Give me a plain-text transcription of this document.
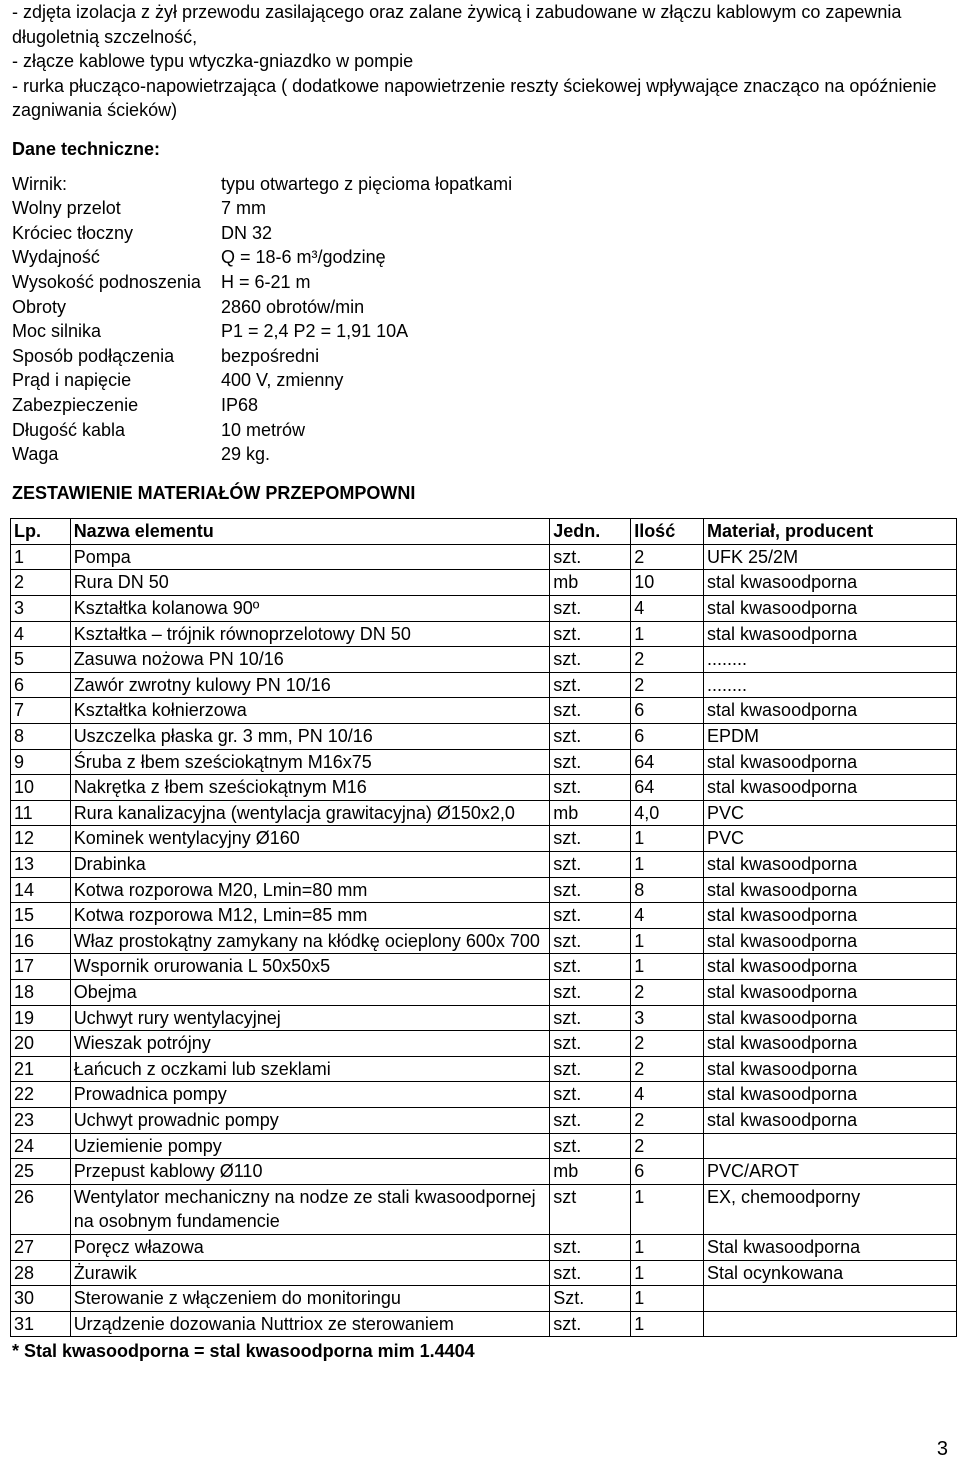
- zdjęta izolacja z żył przewodu zasilającego oraz zalane żywicą i zabudowane w złączu kablowym co zapewnia długoletnią szczelność,

- złącze kablowe typu wtyczka-gniazdko w pompie

- rurka płucząco-napowietrzająca ( dodatkowe napowietrzenie reszty ściekowej wpływające znacząco na opóźnienie zagniwania ścieków)

Dane techniczne:
Wirnik:	typu otwartego z pięcioma łopatkami
Wolny przelot	7 mm
Króciec tłoczny	DN 32
Wydajność	Q = 18-6 m³/godzinę
Wysokość podnoszenia	H = 6-21 m
Obroty	2860 obrotów/min
Moc silnika	P1 = 2,4 P2 = 1,91 10A
Sposób podłączenia	bezpośredni
Prąd i napięcie	400 V, zmienny
Zabezpieczenie	IP68
Długość kabla	10 metrów
Waga	29 kg.
ZESTAWIENIE MATERIAŁÓW PRZEPOMPOWNI
Lp.	Nazwa elementu	Jedn.	Ilość	Materiał, producent
1	Pompa	szt.	2	UFK 25/2M
2	Rura DN 50	mb	10	stal kwasoodporna
3	Kształtka kolanowa 90º	szt.	4	stal kwasoodporna
4	Kształtka – trójnik równoprzelotowy DN 50	szt.	1	stal kwasoodporna
5	Zasuwa nożowa PN 10/16	szt.	2	........
6	Zawór zwrotny kulowy PN 10/16	szt.	2	........
7	Kształtka kołnierzowa	szt.	6	stal kwasoodporna
8	Uszczelka płaska gr. 3 mm, PN 10/16	szt.	6	EPDM
9	Śruba z łbem sześciokątnym M16x75	szt.	64	stal kwasoodporna
10	Nakrętka z łbem sześciokątnym M16	szt.	64	stal kwasoodporna
11	Rura kanalizacyjna (wentylacja grawitacyjna) Ø150x2,0	mb	4,0	PVC
12	Kominek wentylacyjny Ø160	szt.	1	PVC
13	Drabinka	szt.	1	stal kwasoodporna
14	Kotwa rozporowa M20, Lmin=80 mm	szt.	8	stal kwasoodporna
15	Kotwa rozporowa M12, Lmin=85 mm	szt.	4	stal kwasoodporna
16	Właz prostokątny zamykany na kłódkę ocieplony 600x 700	szt.	1	stal kwasoodporna
17	Wspornik orurowania L 50x50x5	szt.	1	stal kwasoodporna
18	Obejma	szt.	2	stal kwasoodporna
19	Uchwyt rury wentylacyjnej	szt.	3	stal kwasoodporna
20	Wieszak potrójny	szt.	2	stal kwasoodporna
21	Łańcuch z oczkami lub szeklami	szt.	2	stal kwasoodporna
22	Prowadnica pompy	szt.	4	stal kwasoodporna
23	Uchwyt prowadnic pompy	szt.	2	stal kwasoodporna
24	Uziemienie pompy	szt.	2	
25	Przepust kablowy Ø110	mb	6	PVC/AROT
26	Wentylator mechaniczny na nodze ze stali kwasoodpornej na osobnym fundamencie	szt	1	EX, chemoodporny
27	Poręcz włazowa	szt.	1	Stal kwasoodporna
28	Żurawik	szt.	1	Stal ocynkowana
30	Sterowanie z włączeniem do monitoringu	Szt.	1	
31	Urządzenie dozowania Nuttriox ze sterowaniem	szt.	1	
* Stal kwasoodporna = stal kwasoodporna mim 1.4404
3
